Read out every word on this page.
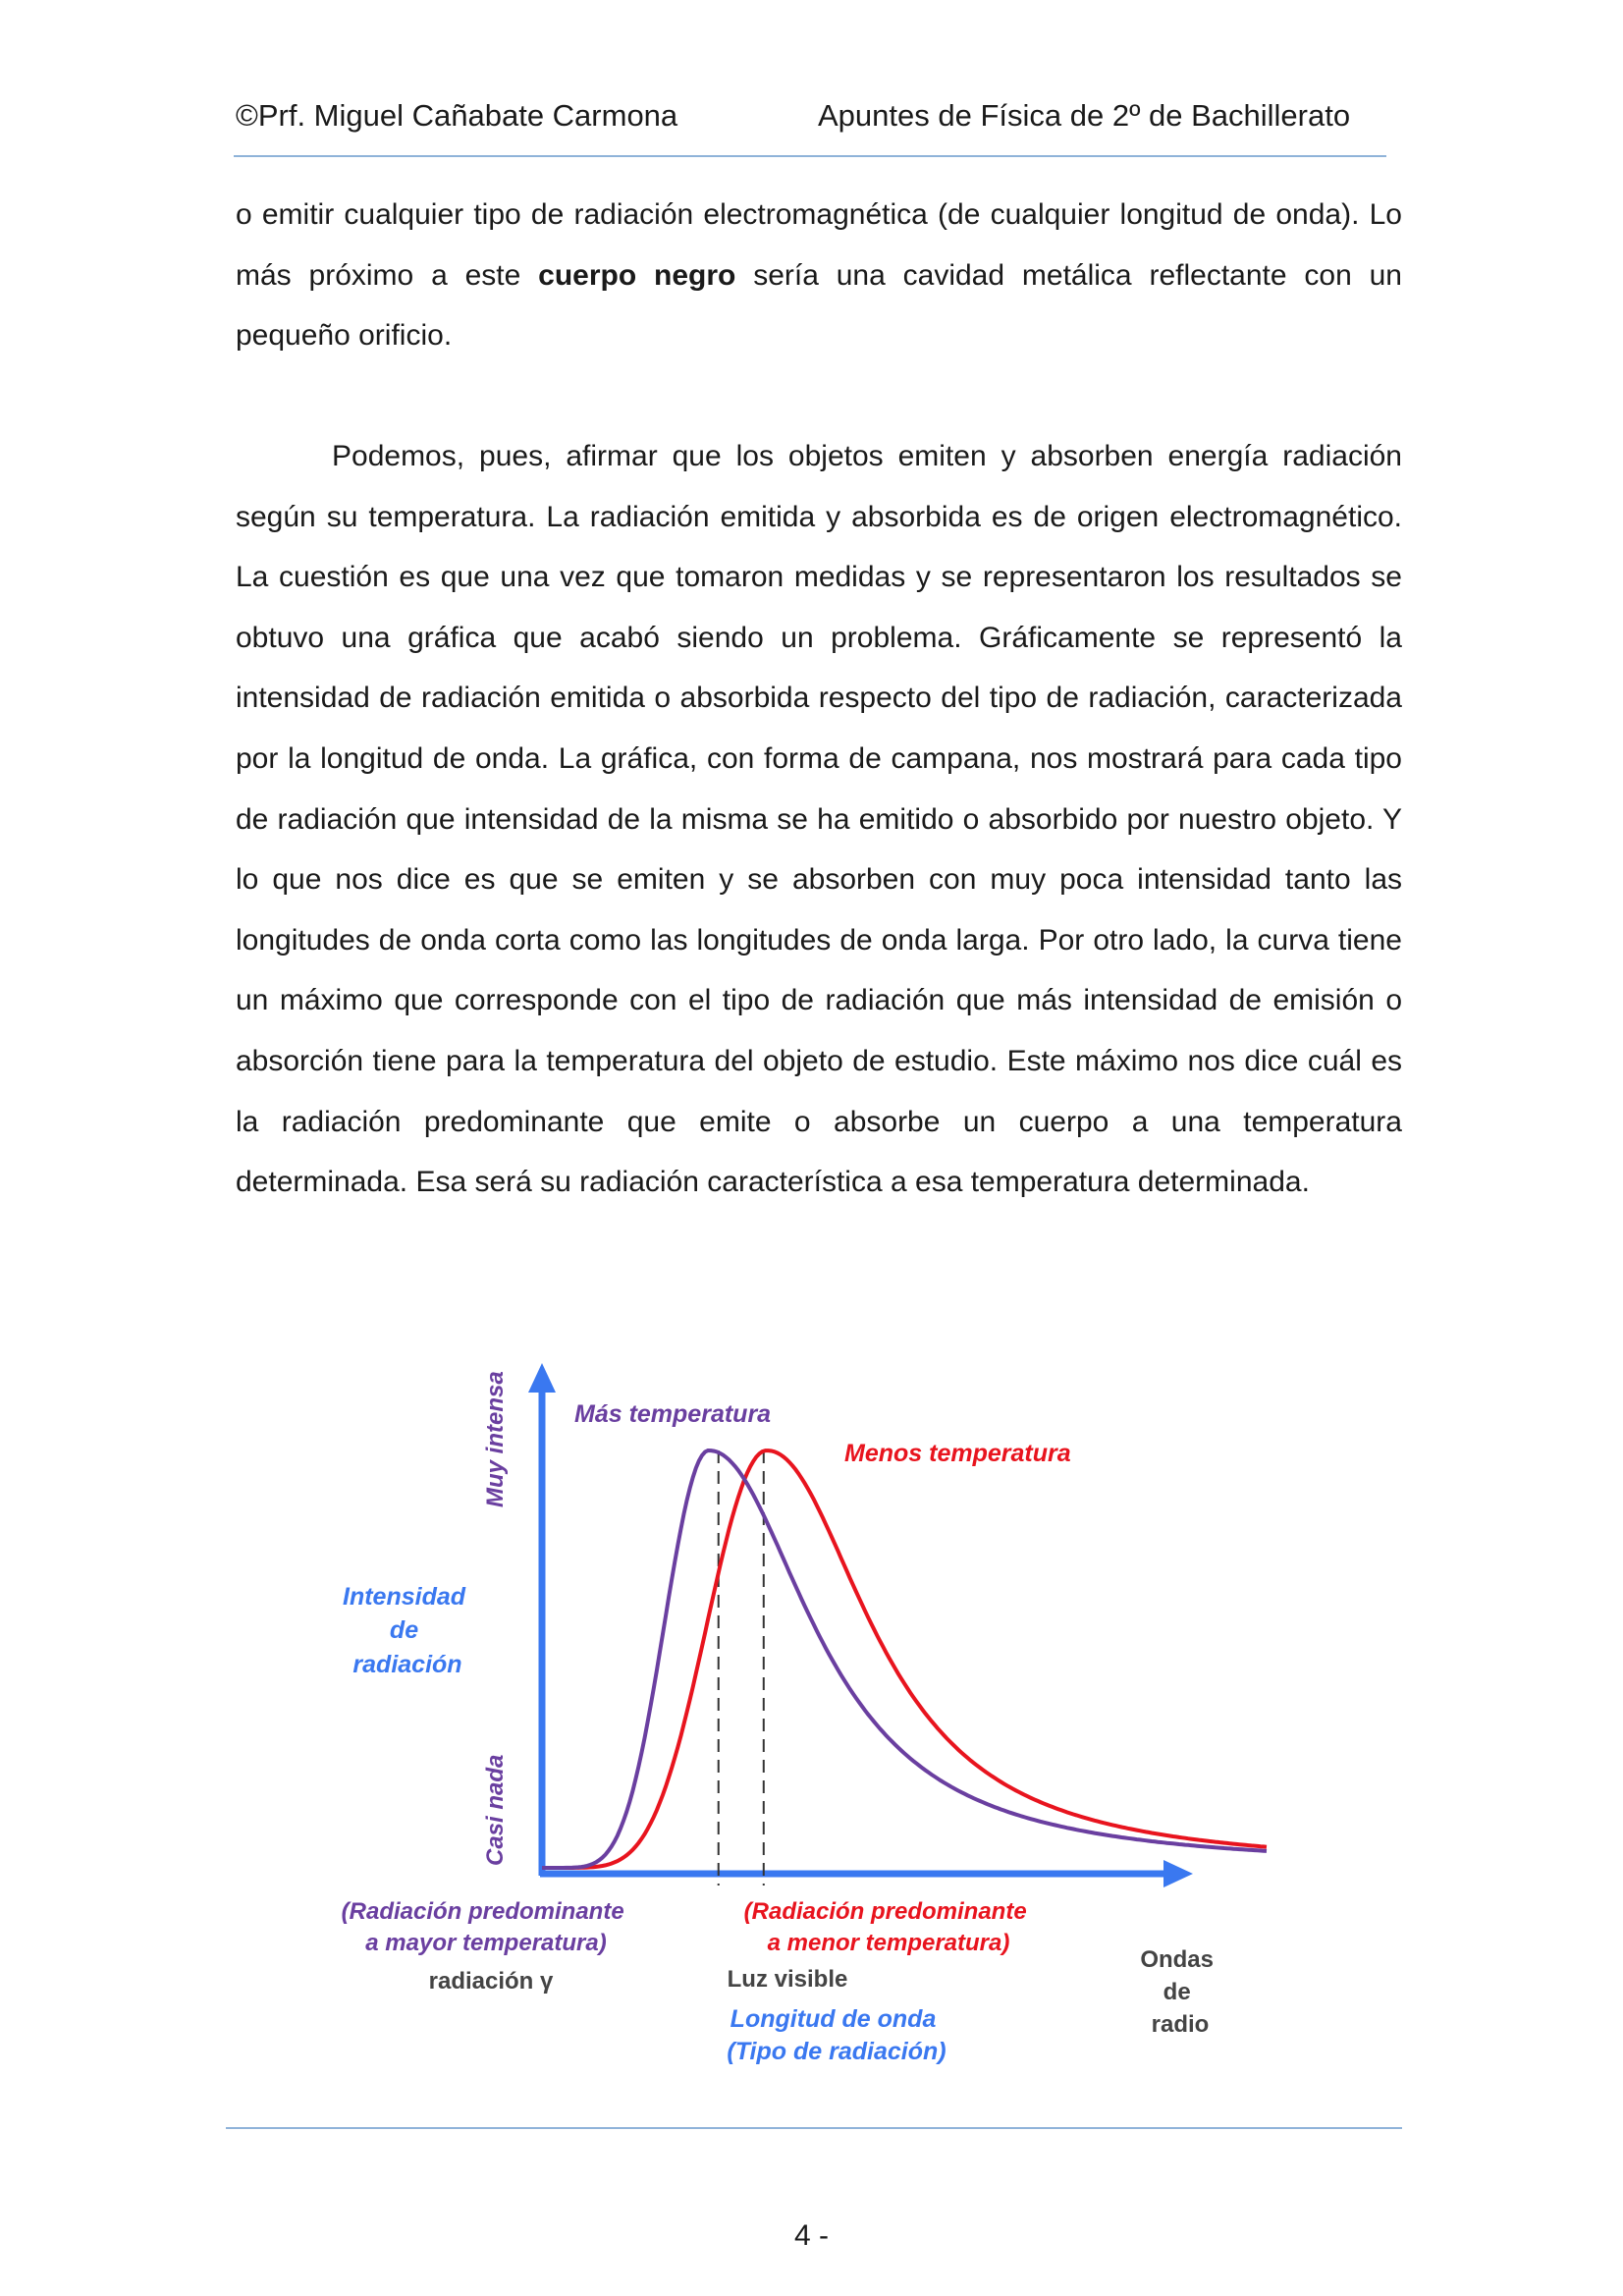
©Prf. Miguel Cañabate Carmona	Apuntes de Física de 2º de Bachillerato

o emitir cualquier tipo de radiación electromagnética (de cualquier longitud de onda). Lo más próximo a este cuerpo negro sería una cavidad metálica reflectante con un pequeño orificio.

Podemos, pues, afirmar que los objetos emiten y absorben energía radiación según su temperatura. La radiación emitida y absorbida es de origen electromagnético. La cuestión es que una vez que tomaron medidas y se representaron los resultados se obtuvo una gráfica que acabó siendo un problema. Gráficamente se representó la intensidad de radiación emitida o absorbida respecto del tipo de radiación, caracterizada por la longitud de onda. La gráfica, con forma de campana, nos mostrará para cada tipo de radiación que intensidad de la misma se ha emitido o absorbido por nuestro objeto. Y lo que nos dice es que se emiten y se absorben con muy poca intensidad tanto las longitudes de onda corta como las longitudes de onda larga. Por otro lado, la curva tiene un máximo que corresponde con el tipo de radiación que más intensidad de emisión o absorción tiene para la temperatura del objeto de estudio. Este máximo nos dice cuál es la radiación predominante que emite o absorbe un cuerpo a una temperatura determinada. Esa será su radiación característica a esa temperatura determinada.

Muy intensa
Casi nada
Intensidad de radiación
Más temperatura
Menos temperatura
(Radiación predominante a mayor temperatura)
(Radiación predominante a menor temperatura)
radiación γ	Luz visible
Ondas de radio
Longitud de onda (Tipo de radiación)
4 -
